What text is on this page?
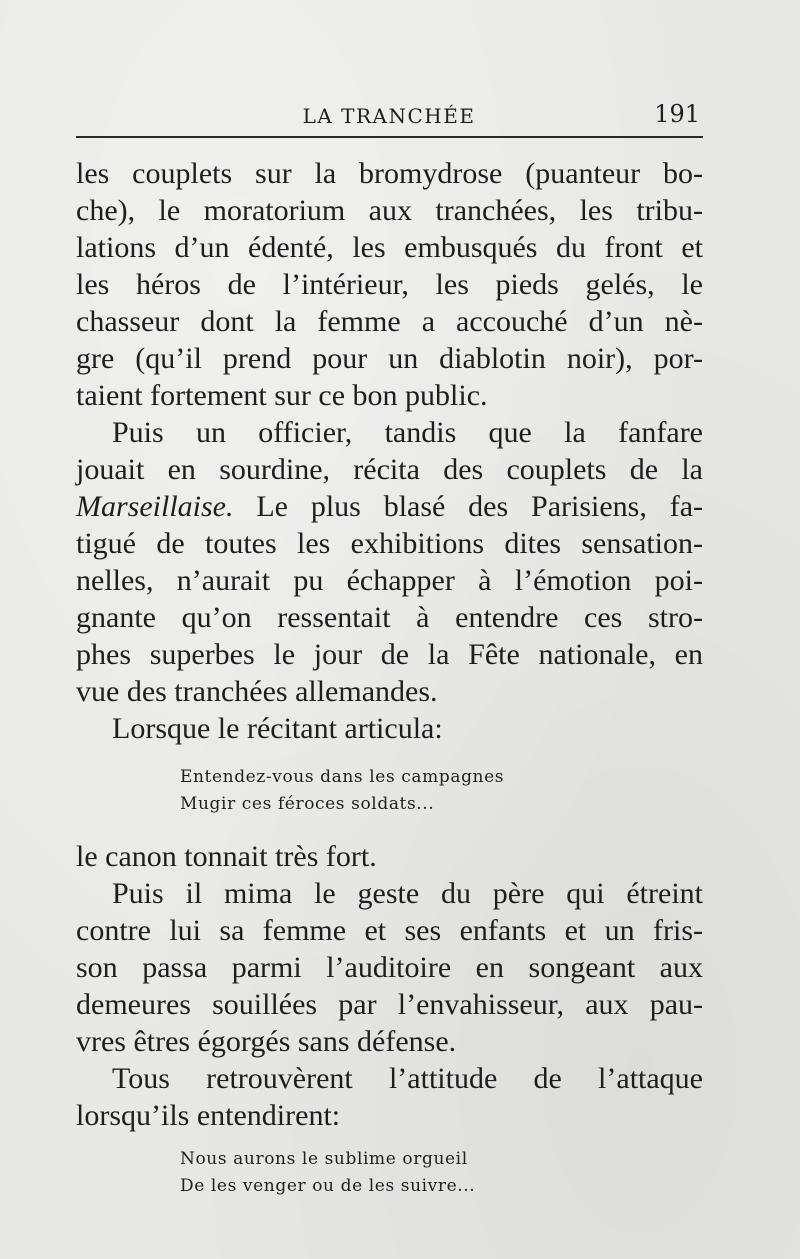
LA TRANCHÉE	191
les couplets sur la bromydrose (puanteur bo-
che), le moratorium aux tranchées, les tribu-
lations d’un édenté, les embusqués du front et
les héros de l’intérieur, les pieds gelés, le
chasseur dont la femme a accouché d’un nè-
gre (qu’il prend pour un diablotin noir), por-
taient fortement sur ce bon public.
Puis un officier, tandis que la fanfare
jouait en sourdine, récita des couplets de la
Marseillaise. Le plus blasé des Parisiens, fa-
tigué de toutes les exhibitions dites sensation-
nelles, n’aurait pu échapper à l’émotion poi-
gnante qu’on ressentait à entendre ces stro-
phes superbes le jour de la Fête nationale, en
vue des tranchées allemandes.
Lorsque le récitant articula:
Entendez-vous dans les campagnes
Mugir ces féroces soldats...
le canon tonnait très fort.
Puis il mima le geste du père qui étreint
contre lui sa femme et ses enfants et un fris-
son passa parmi l’auditoire en songeant aux
demeures souillées par l’envahisseur, aux pau-
vres êtres égorgés sans défense.
Tous retrouvèrent l’attitude de l’attaque
lorsqu’ils entendirent:
Nous aurons le sublime orgueil
De les venger ou de les suivre...
